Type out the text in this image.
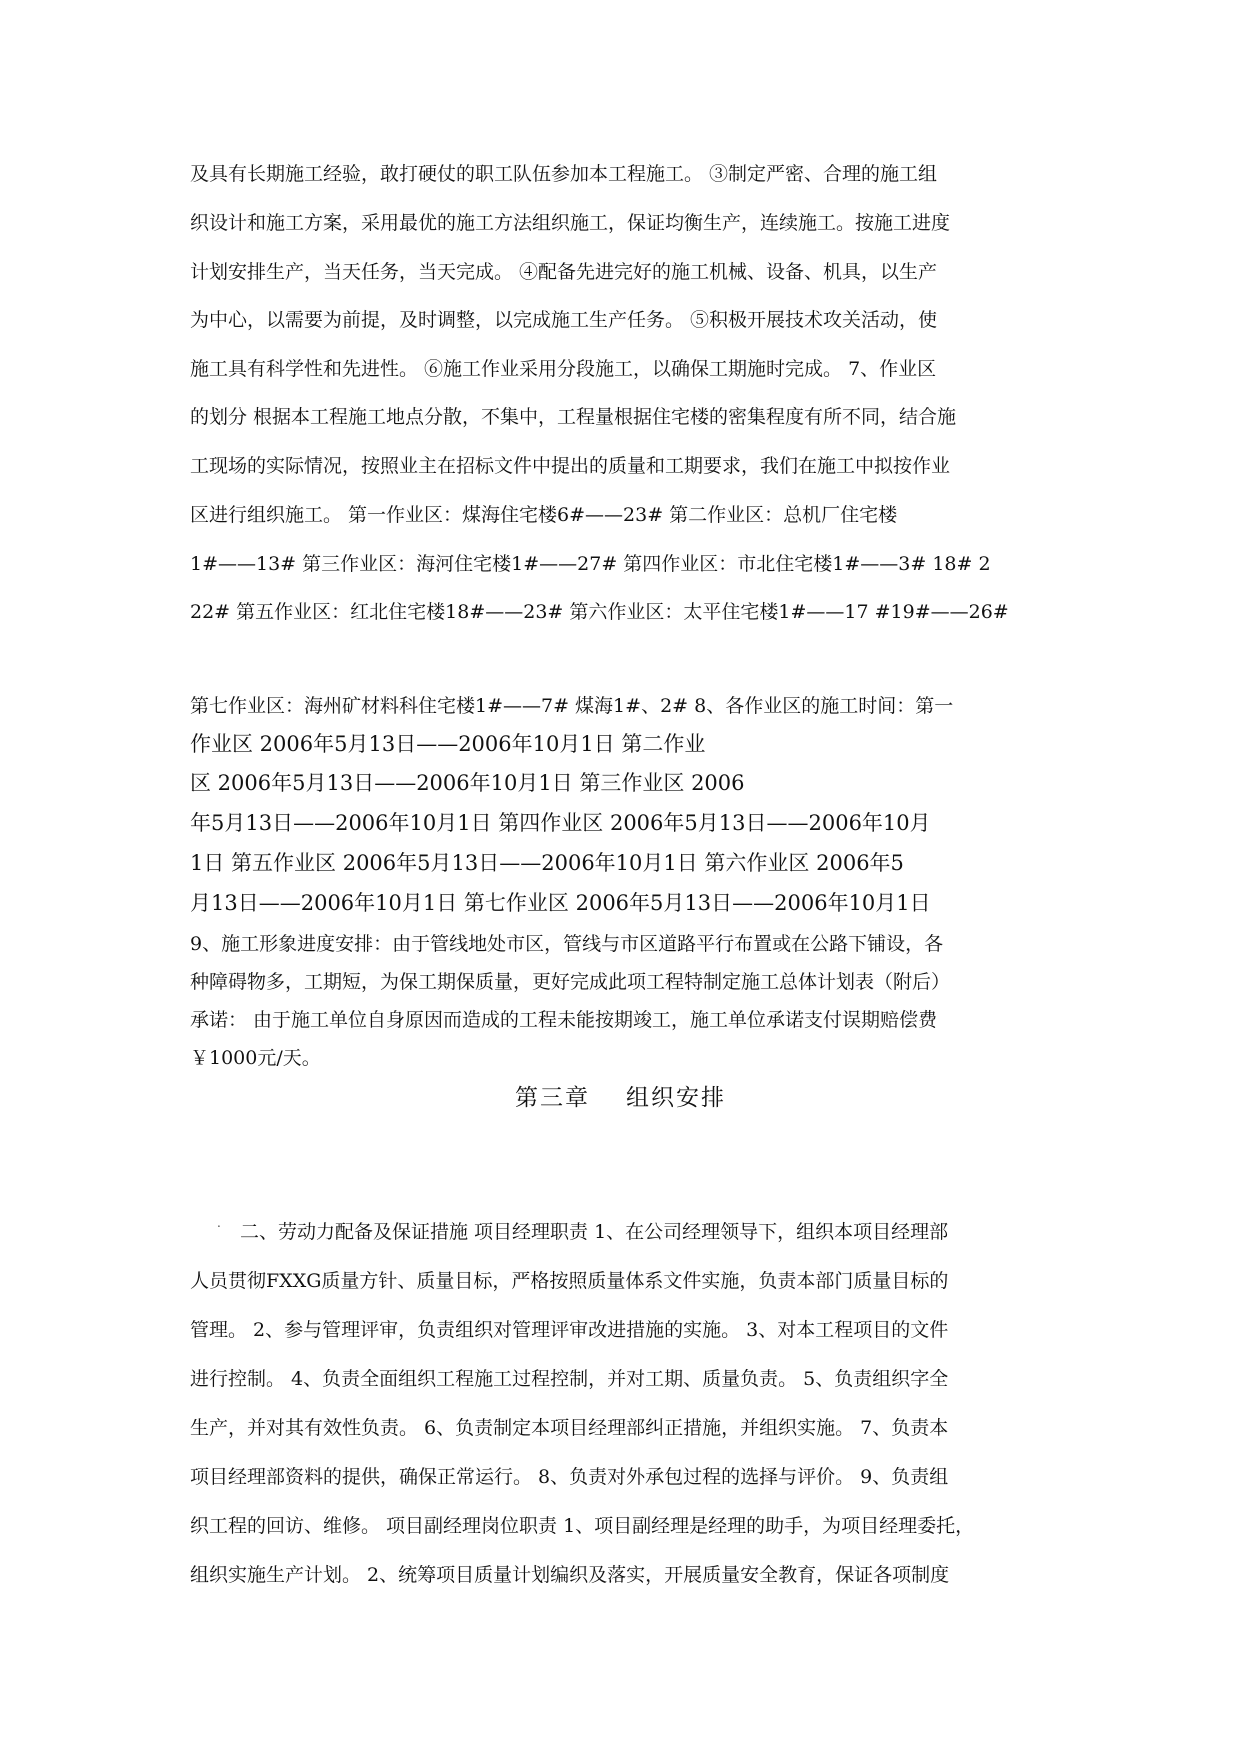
及具有长期施工经验，敢打硬仗的职工队伍参加本工程施工。 ③制定严密、合理的施工组
织设计和施工方案，采用最优的施工方法组织施工，保证均衡生产，连续施工。按施工进度
计划安排生产，当天任务，当天完成。 ④配备先进完好的施工机械、设备、机具，以生产
为中心，以需要为前提，及时调整，以完成施工生产任务。 ⑤积极开展技术攻关活动，使
施工具有科学性和先进性。 ⑥施工作业采用分段施工，以确保工期施时完成。 7、作业区
的划分 根据本工程施工地点分散，不集中，工程量根据住宅楼的密集程度有所不同，结合施
工现场的实际情况，按照业主在招标文件中提出的质量和工期要求，我们在施工中拟按作业
区进行组织施工。 第一作业区：煤海住宅楼6#——23# 第二作业区：总机厂住宅楼
1#——13# 第三作业区：海河住宅楼1#——27# 第四作业区：市北住宅楼1#——3# 18# 2
22# 第五作业区：红北住宅楼18#——23# 第六作业区：太平住宅楼1#——17 #19#——26#
第七作业区：海州矿材料科住宅楼1#——7# 煤海1#、2# 8、各作业区的施工时间：第一
作业区 2006年5月13日——2006年10月1日 第二作业
区 2006年5月13日——2006年10月1日 第三作业区 2006
年5月13日——2006年10月1日 第四作业区 2006年5月13日——2006年10月
1日 第五作业区 2006年5月13日——2006年10月1日 第六作业区 2006年5
月13日——2006年10月1日 第七作业区 2006年5月13日——2006年10月1日
9、施工形象进度安排：由于管线地处市区，管线与市区道路平行布置或在公路下铺设，各
种障碍物多，工期短，为保工期保质量，更好完成此项工程特制定施工总体计划表（附后）
承诺： 由于施工单位自身原因而造成的工程未能按期竣工，施工单位承诺支付误期赔偿费
￥1000元/天。
第三章 组织安排
. 二、劳动力配备及保证措施 项目经理职责 1、在公司经理领导下，组织本项目经理部
人员贯彻FXXG质量方针、质量目标，严格按照质量体系文件实施，负责本部门质量目标的
管理。 2、参与管理评审，负责组织对管理评审改进措施的实施。 3、对本工程项目的文件
进行控制。 4、负责全面组织工程施工过程控制，并对工期、质量负责。 5、负责组织字全
生产，并对其有效性负责。 6、负责制定本项目经理部纠正措施，并组织实施。 7、负责本
项目经理部资料的提供，确保正常运行。 8、负责对外承包过程的选择与评价。 9、负责组
织工程的回访、维修。 项目副经理岗位职责 1、项目副经理是经理的助手，为项目经理委托，
组织实施生产计划。 2、统筹项目质量计划编织及落实，开展质量安全教育，保证各项制度
